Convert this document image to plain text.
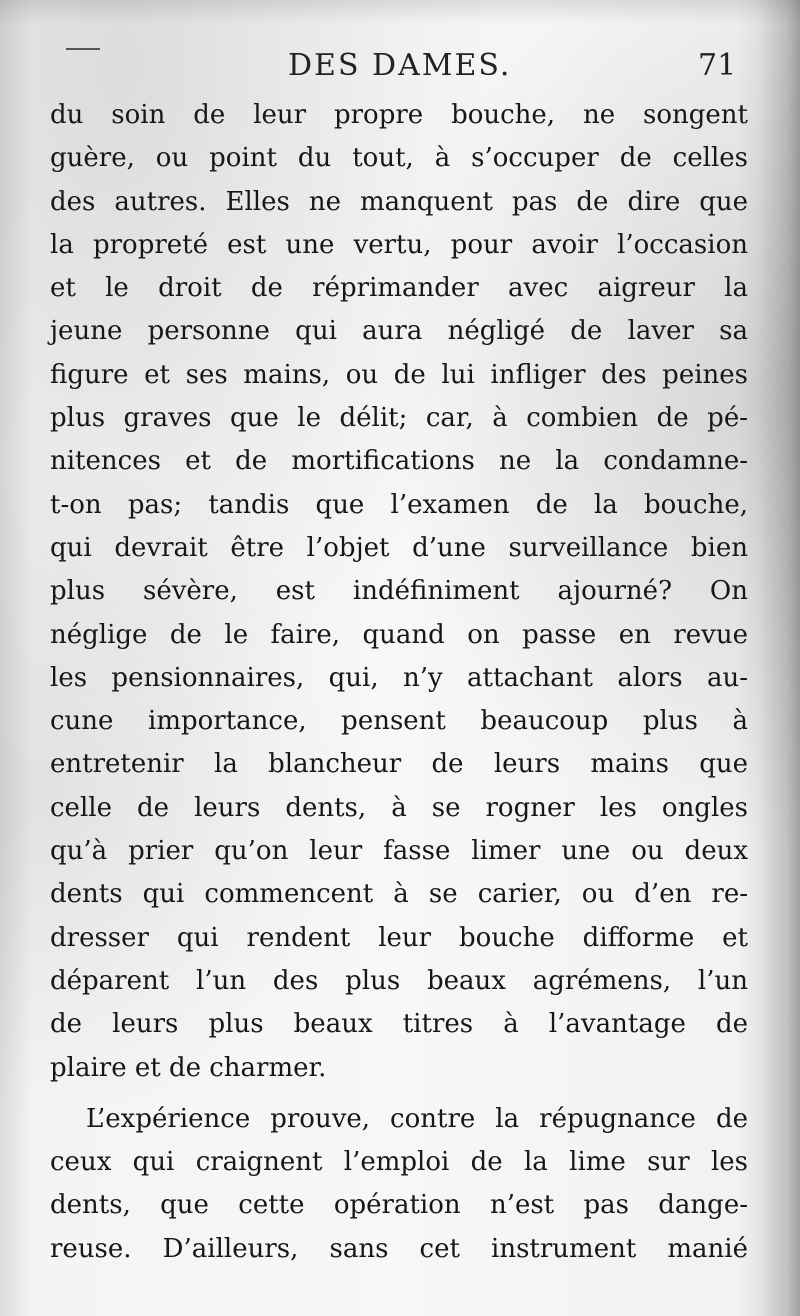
DES DAMES.	71
du soin de leur propre bouche, ne songent
guère, ou point du tout, à s’occuper de celles
des autres. Elles ne manquent pas de dire que
la propreté est une vertu, pour avoir l’occasion
et le droit de réprimander avec aigreur la
jeune personne qui aura négligé de laver sa
figure et ses mains, ou de lui infliger des peines
plus graves que le délit; car, à combien de pé-
nitences et de mortifications ne la condamne-
t-on pas; tandis que l’examen de la bouche,
qui devrait être l’objet d’une surveillance bien
plus sévère, est indéfiniment ajourné? On
néglige de le faire, quand on passe en revue
les pensionnaires, qui, n’y attachant alors au-
cune importance, pensent beaucoup plus à
entretenir la blancheur de leurs mains que
celle de leurs dents, à se rogner les ongles
qu’à prier qu’on leur fasse limer une ou deux
dents qui commencent à se carier, ou d’en re-
dresser qui rendent leur bouche difforme et
déparent l’un des plus beaux agrémens, l’un
de leurs plus beaux titres à l’avantage de
plaire et de charmer.
L’expérience prouve, contre la répugnance de
ceux qui craignent l’emploi de la lime sur les
dents, que cette opération n’est pas dange-
reuse. D’ailleurs, sans cet instrument manié
